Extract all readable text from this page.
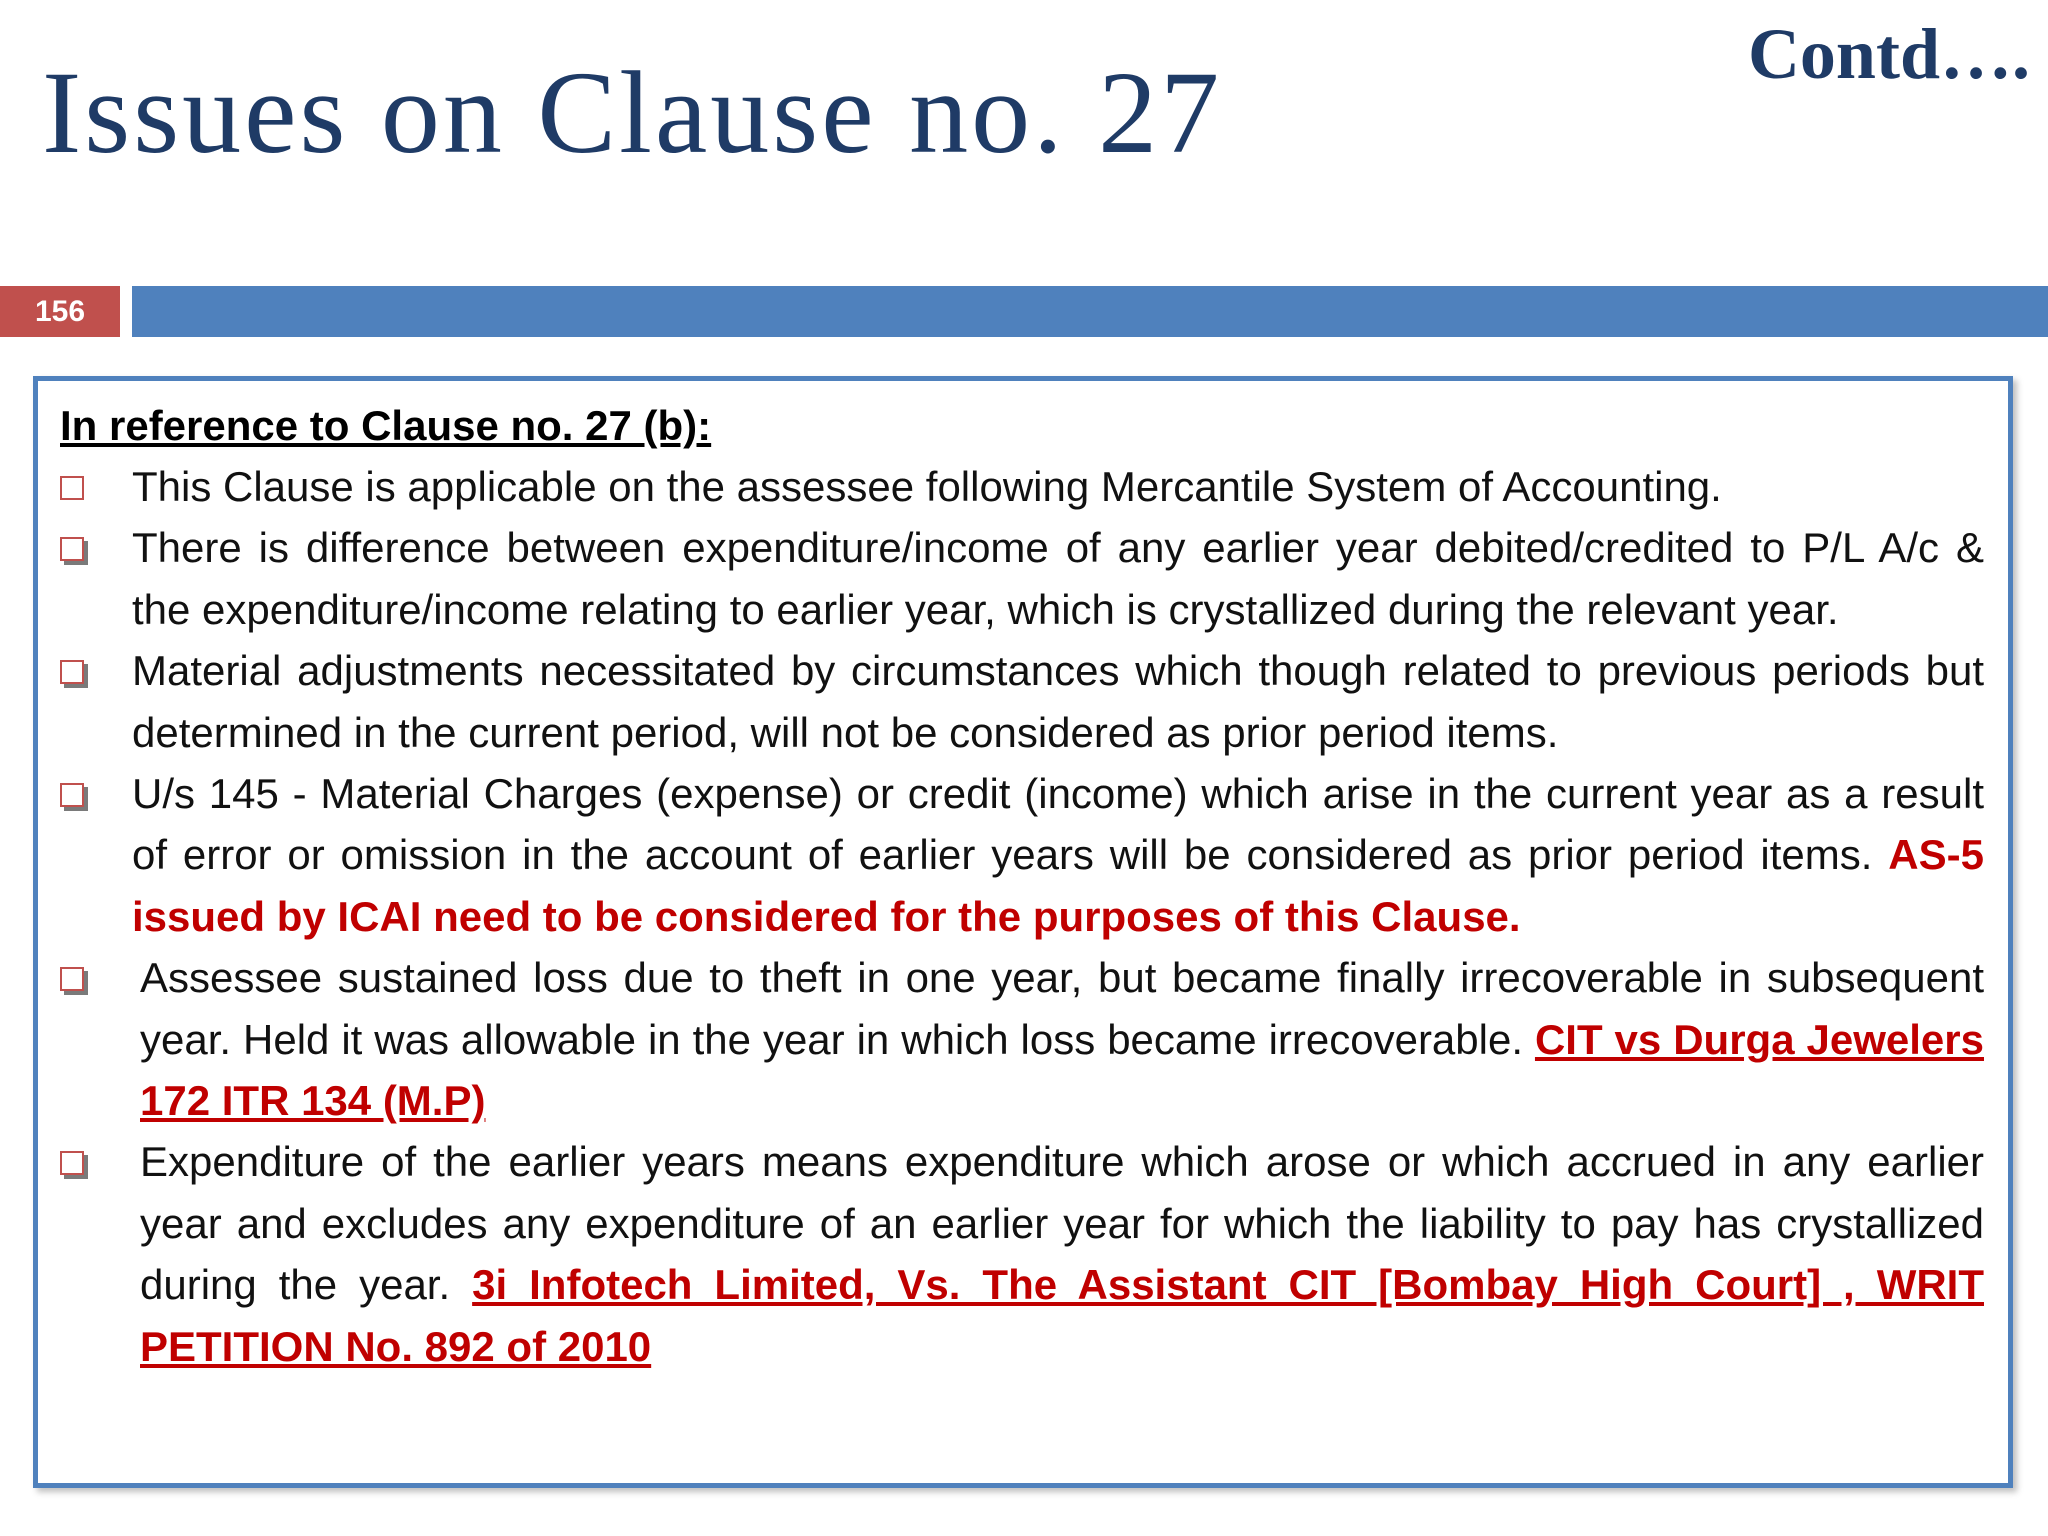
Issues on Clause no. 27	Contd….
156

In reference to Clause no. 27 (b):

This Clause is applicable on the assessee following Mercantile System of Accounting.
There is difference between expenditure/income of any earlier year debited/credited to P/L A/c & the expenditure/income relating to earlier year, which is crystallized during the relevant year.
Material adjustments necessitated by circumstances which though related to previous periods but determined in the current period, will not be considered as prior period items.
U/s 145 - Material Charges (expense) or credit (income) which arise in the current year as a result of error or omission in the account of earlier years will be considered as prior period items. AS-5 issued by ICAI need to be considered for the purposes of this Clause.
Assessee sustained loss due to theft in one year, but became finally irrecoverable in subsequent year. Held it was allowable in the year in which loss became irrecoverable. CIT vs Durga Jewelers 172 ITR 134 (M.P)
Expenditure of the earlier years means expenditure which arose or which accrued in any earlier year and excludes any expenditure of an earlier year for which the liability to pay has crystallized during the year. 3i Infotech Limited, Vs. The Assistant CIT [Bombay High Court] , WRIT PETITION No. 892 of 2010
